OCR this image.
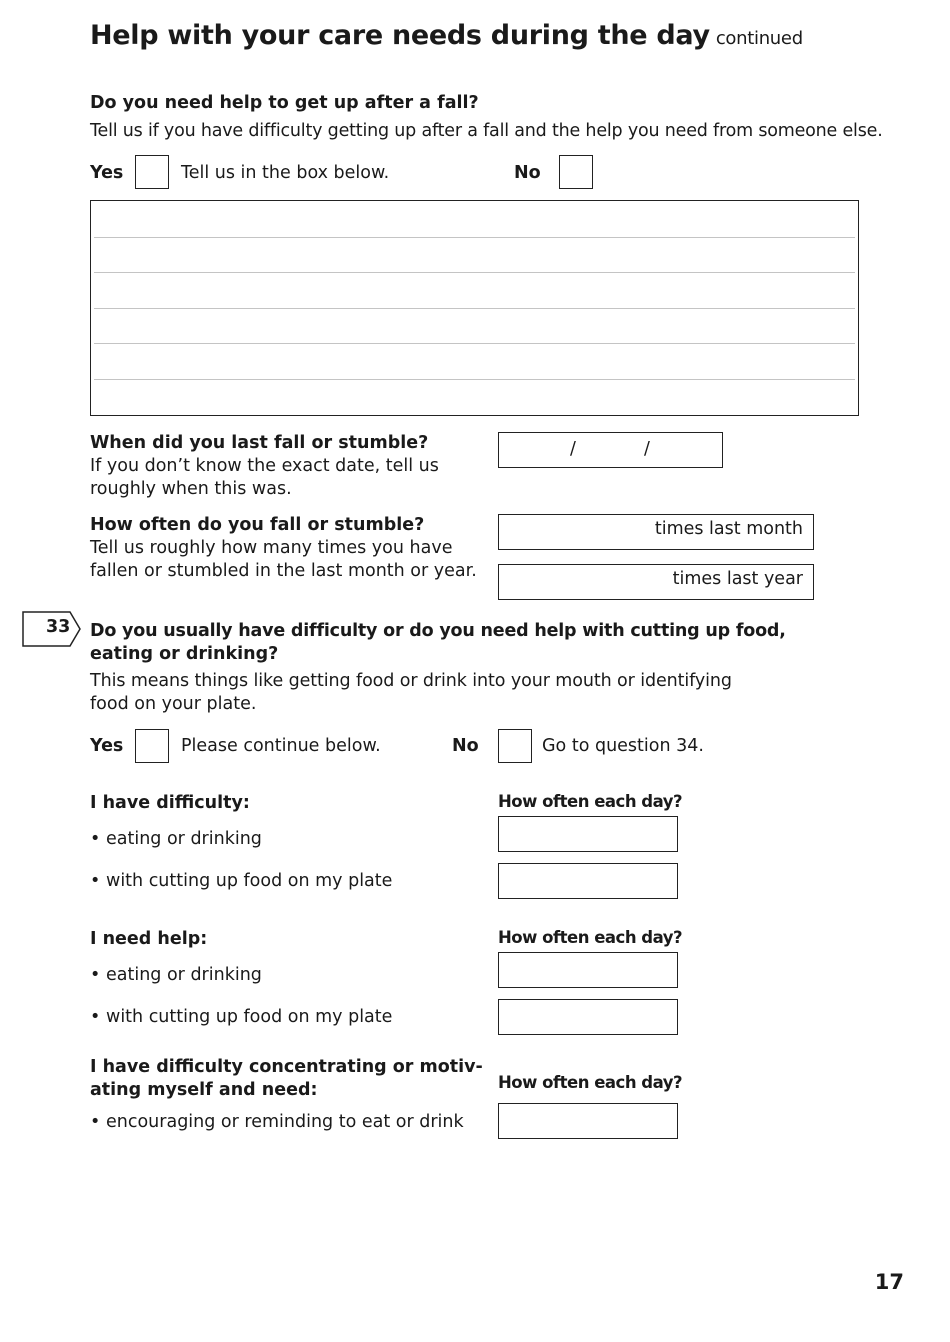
Help with your care needs during the day continued
Do you need help to get up after a fall?
Tell us if you have difficulty getting up after a fall and the help you need from someone else.
Yes	Tell us in the box below.	No
When did you last fall or stumble?
If you don’t know the exact date, tell us
roughly when this was.
/	/
How often do you fall or stumble?
Tell us roughly how many times you have
fallen or stumbled in the last month or year.
times last month
times last year
33 Do you usually have difficulty or do you need help with cutting up food,
eating or drinking?
This means things like getting food or drink into your mouth or identifying
food on your plate.
Yes	Please continue below.	No	Go to question 34.
I have difficulty:	How often each day?
• eating or drinking
• with cutting up food on my plate
I need help:	How often each day?
• eating or drinking
• with cutting up food on my plate
I have difficulty concentrating or motiv-
ating myself and need:	How often each day?
• encouraging or reminding to eat or drink
17
